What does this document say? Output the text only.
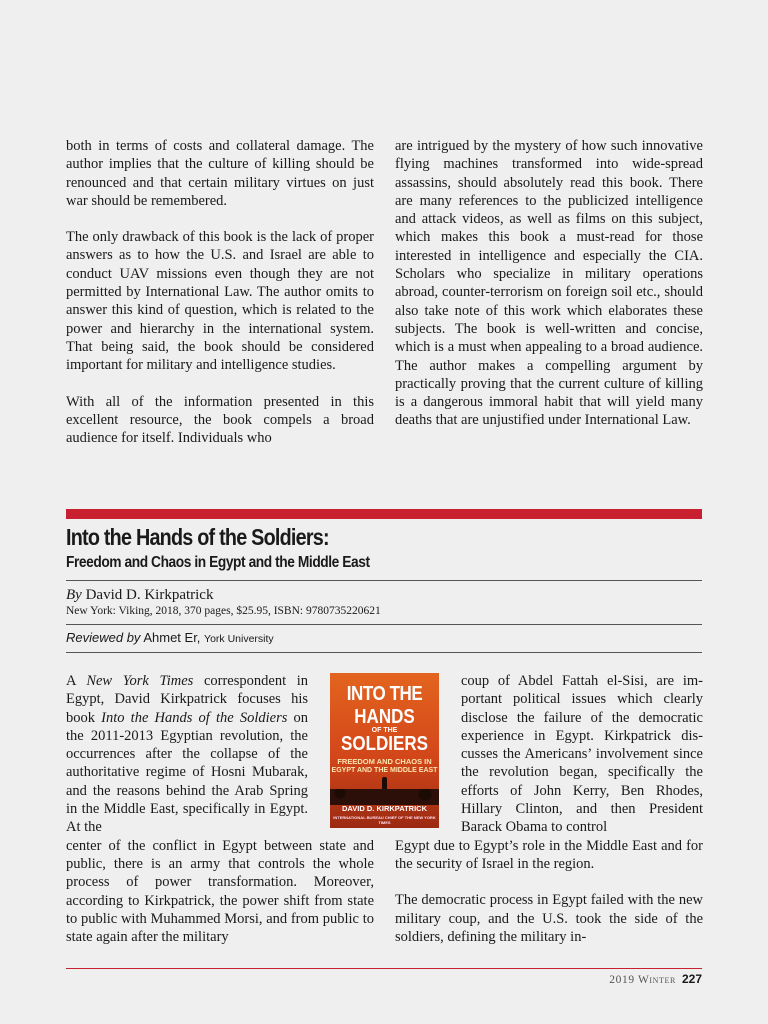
both in terms of costs and collateral damage. The author implies that the culture of killing should be renounced and that certain military virtues on just war should be remembered.

The only drawback of this book is the lack of proper answers as to how the U.S. and Israel are able to conduct UAV missions even though they are not permitted by International Law. The author omits to answer this kind of question, which is related to the power and hierarchy in the international system. That being said, the book should be considered important for military and intelligence studies.

With all of the information presented in this excellent resource, the book compels a broad audience for itself. Individuals who

are intrigued by the mystery of how such innovative flying machines transformed into wide-spread assassins, should absolutely read this book. There are many references to the publicized intelligence and attack videos, as well as films on this subject, which makes this book a must-read for those interested in intelligence and especially the CIA. Scholars who specialize in military operations abroad, counter-terrorism on foreign soil etc., should also take note of this work which elaborates these subjects. The book is well-written and concise, which is a must when appealing to a broad audience. The author makes a compelling argument by practically proving that the current culture of killing is a dangerous immoral habit that will yield many deaths that are unjustified under International Law.

Into the Hands of the Soldiers:
Freedom and Chaos in Egypt and the Middle East
By David D. Kirkpatrick
New York: Viking, 2018, 370 pages, $25.95, ISBN: 9780735220621
Reviewed by Ahmet Er, York University
INTO THE
HANDS
OF THE
SOLDIERS
FREEDOM AND CHAOS IN
EGYPT AND THE MIDDLE EAST
DAVID D. KIRKPATRICK
INTERNATIONAL BUREAU CHIEF OF THE NEW YORK TIMES

A New York Times correspondent in Egypt, David Kirkpatrick focuses his book Into the Hands of the Soldiers on the 2011-2013 Egyptian revolution, the occurrences after the collapse of the authoritative regime of Hosni Mubarak, and the reasons behind the Arab Spring in the Middle East, specifically in Egypt. At the
center of the conflict in Egypt between state and public, there is an army that controls the whole process of power transformation. Moreover, according to Kirkpatrick, the power shift from state to public with Muhammed Morsi, and from public to state again after the military

coup of Abdel Fattah el-Sisi, are important political issues which clearly disclose the failure of the democratic experience in Egypt. Kirkpatrick discusses the Americans’ involvement since the revolution began, specifically the efforts of John Kerry, Ben Rhodes, Hillary Clinton, and then President Barack Obama to control
Egypt due to Egypt’s role in the Middle East and for the security of Israel in the region.

The democratic process in Egypt failed with the new military coup, and the U.S. took the side of the soldiers, defining the military in-

2019 Winter 227
